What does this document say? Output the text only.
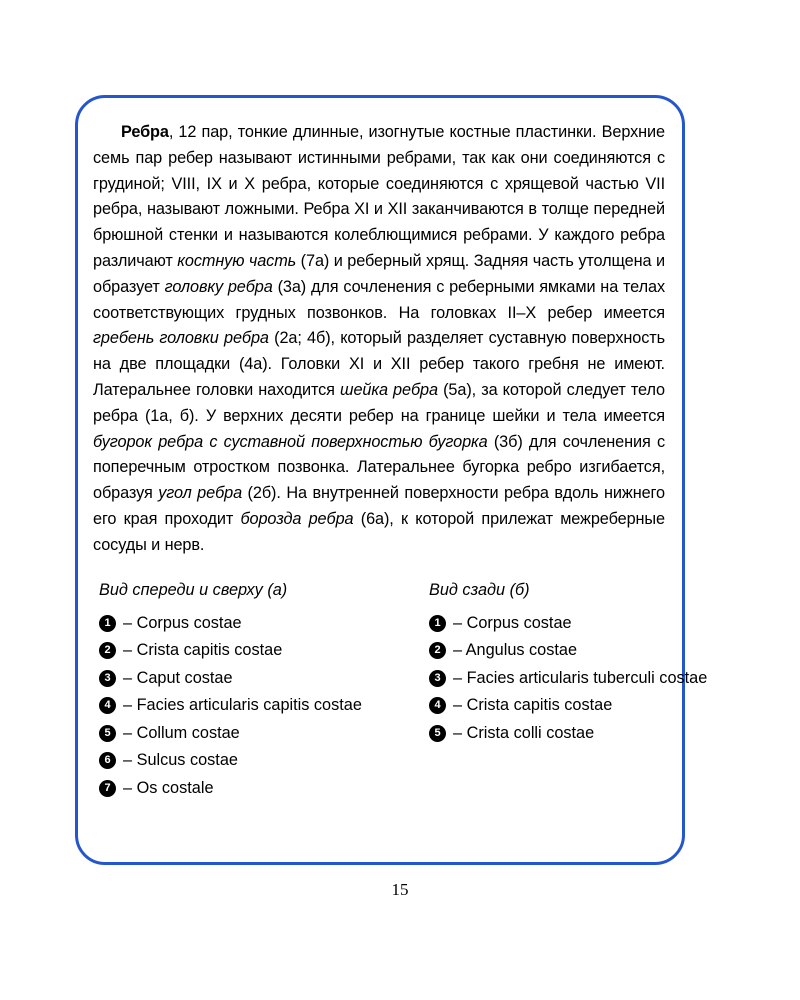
Ребра, 12 пар, тонкие длинные, изогнутые костные пластинки. Верхние семь пар ребер называют истинными ребрами, так как они соединяются с грудиной; VIII, IX и X ребра, которые соединяются с хрящевой частью VII ребра, называют ложными. Ребра XI и XII заканчиваются в толще передней брюшной стенки и называются колеблющимися ребрами. У каждого ребра различают костную часть (7а) и реберный хрящ. Задняя часть утолщена и образует головку ребра (3а) для сочленения с реберными ямками на телах соответствующих грудных позвонков. На головках II–X ребер имеется гребень головки ребра (2а; 4б), который разделяет суставную поверхность на две площадки (4а). Головки XI и XII ребер такого гребня не имеют. Латеральнее головки находится шейка ребра (5а), за которой следует тело ребра (1а, б). У верхних десяти ребер на границе шейки и тела имеется бугорок ребра с суставной поверхностью бугорка (3б) для сочленения с поперечным отростком позвонка. Латеральнее бугорка ребро изгибается, образуя угол ребра (2б). На внутренней поверхности ребра вдоль нижнего его края проходит борозда ребра (6а), к которой прилежат межреберные сосуды и нерв.
Вид спереди и сверху (а)
1 – Corpus costae
2 – Crista capitis costae
3 – Caput costae
4 – Facies articularis capitis costae
5 – Collum costae
6 – Sulcus costae
7 – Os costale
Вид сзади (б)
1 – Corpus costae
2 – Angulus costae
3 – Facies articularis tuberculi costae
4 – Crista capitis costae
5 – Crista colli costae
15
